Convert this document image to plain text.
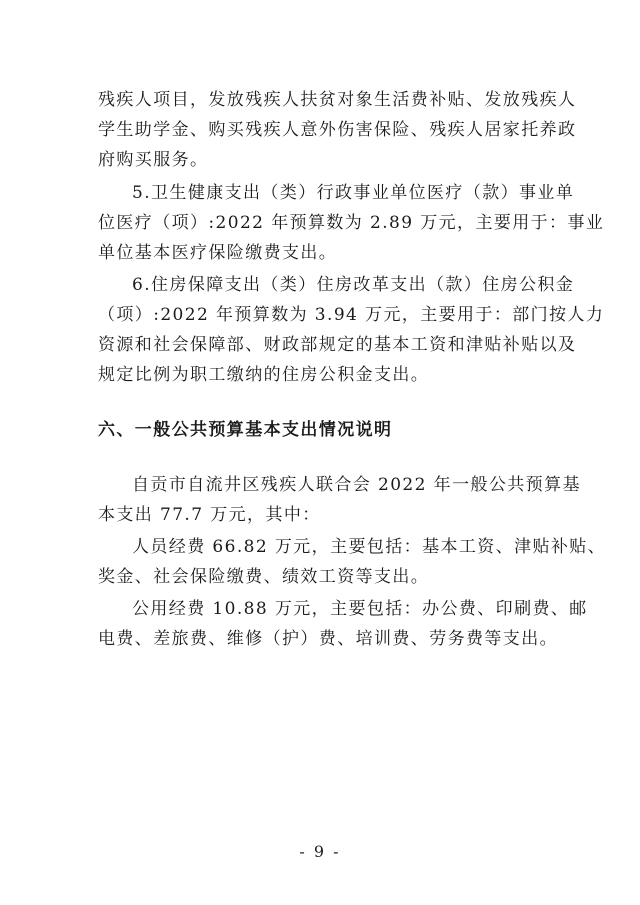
残疾人项目，发放残疾人扶贫对象生活费补贴、发放残疾人
学生助学金、购买残疾人意外伤害保险、残疾人居家托养政
府购买服务。
5.卫生健康支出（类）行政事业单位医疗（款）事业单
位医疗（项）:2022 年预算数为 2.89 万元，主要用于：事业
单位基本医疗保险缴费支出。
6.住房保障支出（类）住房改革支出（款）住房公积金
（项）:2022 年预算数为 3.94 万元，主要用于：部门按人力
资源和社会保障部、财政部规定的基本工资和津贴补贴以及
规定比例为职工缴纳的住房公积金支出。
六、一般公共预算基本支出情况说明
自贡市自流井区残疾人联合会 2022 年一般公共预算基
本支出 77.7 万元，其中：
人员经费 66.82 万元，主要包括：基本工资、津贴补贴、
奖金、社会保险缴费、绩效工资等支出。
公用经费 10.88 万元，主要包括：办公费、印刷费、邮
电费、差旅费、维修（护）费、培训费、劳务费等支出。
- 9 -
